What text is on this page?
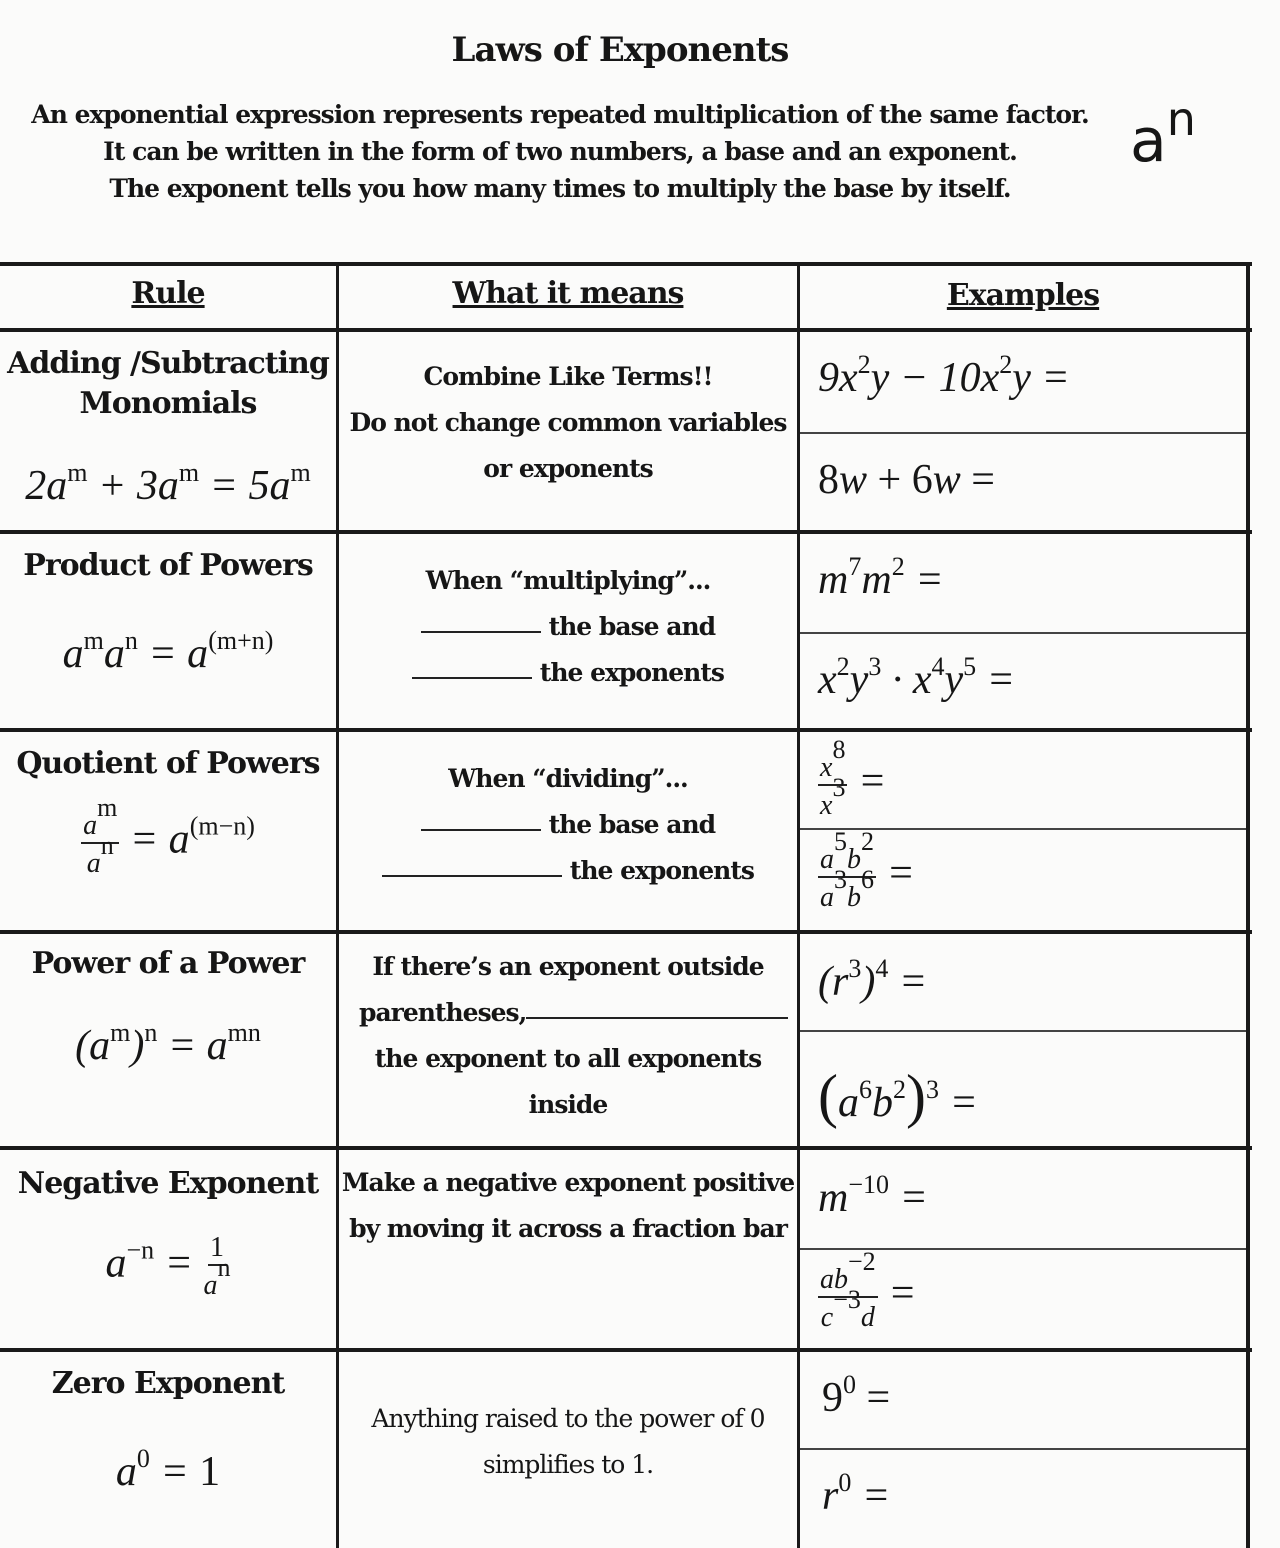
Laws of Exponents
An exponential expression represents repeated multiplication of the same factor.
It can be written in the form of two numbers, a base and an exponent.
The exponent tells you how many times to multiply the base by itself.
$a^n$
Rule	What it means	Examples
Adding /Subtracting Monomials
$2a^m + 3a^m = 5a^m$
Combine Like Terms!!
Do not change common variables
or exponents
$9x^2y - 10x^2y$ =
8w + 6w =
Product of Powers
$a^ma^n = a^{(m+n)}$
When “multiplying”...
the base and
the exponents
$m^7m^2$ =
$x^2y^3 \cdot x^4y^5$ =
Quotient of Powers
$\frac{a^m}{a^n} = a^{(m-n)}$
When “dividing”...
the base and
the exponents
$\frac{x^8}{x^3}$ =
$\frac{a^5b^2}{a^3b^6}$ =
Power of a Power
$(a^m)^n = a^{mn}$
If there’s an exponent outside
parentheses,
the exponent to all exponents
inside
$(r^3)^4$ =
$(a^6b^2)^3$ =
Negative Exponent
$a^{-n} = \frac{1}{a^n}$
Make a negative exponent positive
by moving it across a fraction bar
$m^{-10}$ =
$\frac{ab^{-2}}{c^{-3}d}$ =
Zero Exponent
$a^0 = 1$
Anything raised to the power of 0
simplifies to 1.
$9^0$ =
$r^0$ =
